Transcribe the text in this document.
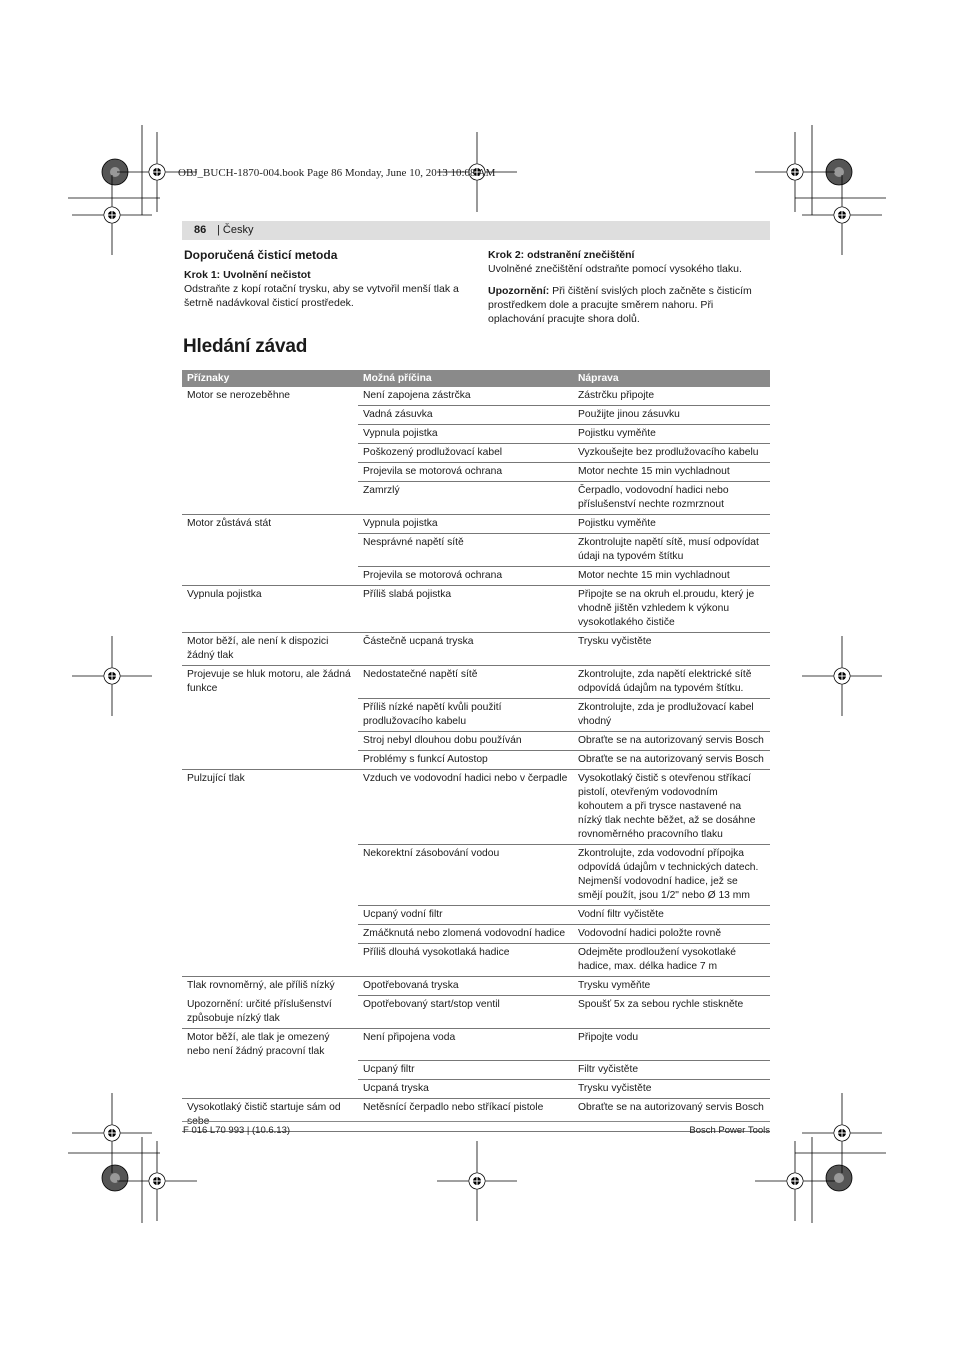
OBJ_BUCH-1870-004.book Page 86 Monday, June 10, 2013 10:08 AM
86 | Česky
Doporučená čisticí metoda
Krok 1: Uvolnění nečistot

Odstraňte z kopí rotační trysku, aby se vytvořil menší tlak a šetrně nadávkoval čisticí prostředek.

Krok 2: odstranění znečištění

Uvolněné znečištění odstraňte pomocí vysokého tlaku.

Upozornění: Při čištění svislých ploch začněte s čisticím prostředkem dole a pracujte směrem nahoru. Při oplachování pracujte shora dolů.

Hledání závad
Příznaky	Možná příčina	Náprava
Motor se nerozeběhne	Není zapojena zástrčka	Zástrčku připojte
	Vadná zásuvka	Použijte jinou zásuvku
	Vypnula pojistka	Pojistku vyměňte
	Poškozený prodlužovací kabel	Vyzkoušejte bez prodlužovacího kabelu
	Projevila se motorová ochrana	Motor nechte 15 min vychladnout
	Zamrzlý	Čerpadlo, vodovodní hadici nebo příslušenství nechte rozmrznout
Motor zůstává stát	Vypnula pojistka	Pojistku vyměňte
	Nesprávné napětí sítě	Zkontrolujte napětí sítě, musí odpovídat údaji na typovém štítku
	Projevila se motorová ochrana	Motor nechte 15 min vychladnout
Vypnula pojistka	Příliš slabá pojistka	Připojte se na okruh el.proudu, který je vhodně jištěn vzhledem k výkonu vysokotlakého čističe
Motor běží, ale není k dispozici žádný tlak	Částečně ucpaná tryska	Trysku vyčistěte
Projevuje se hluk motoru, ale žádná funkce	Nedostatečné napětí sítě	Zkontrolujte, zda napětí elektrické sítě odpovídá údajům na typovém štítku.
	Příliš nízké napětí kvůli použití prodlužovacího kabelu	Zkontrolujte, zda je prodlužovací kabel vhodný
	Stroj nebyl dlouhou dobu používán	Obraťte se na autorizovaný servis Bosch
	Problémy s funkcí Autostop	Obraťte se na autorizovaný servis Bosch
Pulzující tlak	Vzduch ve vodovodní hadici nebo v čerpadle	Vysokotlaký čistič s otevřenou stříkací pistolí, otevřeným vodovodním kohoutem a při trysce nastavené na nízký tlak nechte běžet, až se dosáhne rovnoměrného pracovního tlaku
	Nekorektní zásobování vodou	Zkontrolujte, zda vodovodní přípojka odpovídá údajům v technických datech. Nejmenší vodovodní hadice, jež se smějí použít, jsou 1/2" nebo Ø 13 mm
	Ucpaný vodní filtr	Vodní filtr vyčistěte
	Zmáčknutá nebo zlomená vodovodní hadice	Vodovodní hadici položte rovně
	Příliš dlouhá vysokotlaká hadice	Odejměte prodloužení vysokotlaké hadice, max. délka hadice 7 m
Tlak rovnoměrný, ale příliš nízký	Opotřebovaná tryska	Trysku vyměňte
Upozornění: určité příslušenství způsobuje nízký tlak	Opotřebovaný start/stop ventil	Spoušť 5x za sebou rychle stiskněte
Motor běží, ale tlak je omezený nebo není žádný pracovní tlak	Není připojena voda	Připojte vodu
	Ucpaný filtr	Filtr vyčistěte
	Ucpaná tryska	Trysku vyčistěte
Vysokotlaký čistič startuje sám od sebe	Netěsnící čerpadlo nebo stříkací pistole	Obraťte se na autorizovaný servis Bosch
F 016 L70 993 | (10.6.13)	Bosch Power Tools
